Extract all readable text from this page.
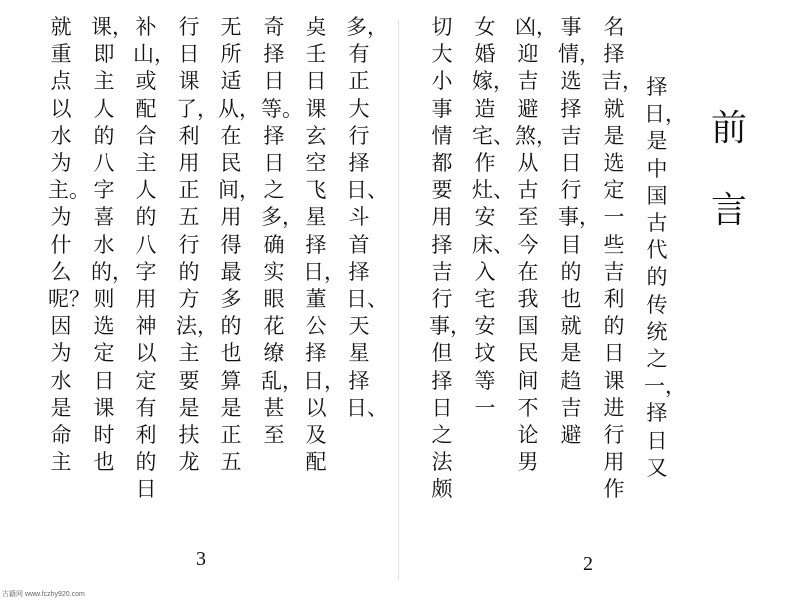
多，有正大行择日、斗首择日、天星择日、
奌壬日课玄空飞星择日，董公择日，以及配
奇择日等。择日之多，确实眼花缭乱，甚至
无所适从，在民间，用得最多的也算是正五
行日课了，利用正五行的方法，主要是扶龙
补山，或配合主人的八字用神以定有利的日
课，即主人的八字喜水的，则选定日课时也
就重点以水为主。为什么呢？因为水是命主
3
前言
择日，是中国古代的传统之一，择日又
名择吉，就是选定一些吉利的日课进行用作
事情，选择吉日行事，目的也就是趋吉避
凶，迎吉避煞，从古至今在我国民间不论男
女婚嫁，造宅、作灶、安床、入宅安坟等一
切大小事情都要用择吉行事，但择日之法颇
2
古籍网 www.fczhy920.com
